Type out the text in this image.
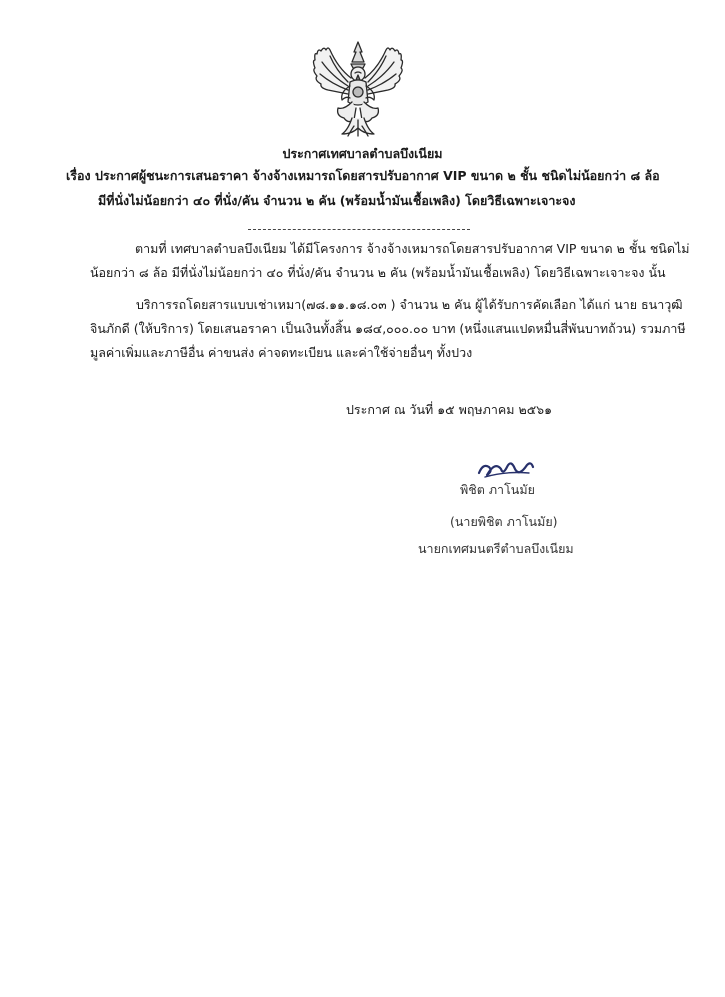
ประกาศเทศบาลตำบลบึงเนียม
เรื่อง ประกาศผู้ชนะการเสนอราคา จ้างจ้างเหมารถโดยสารปรับอากาศ VIP ขนาด ๒ ชั้น ชนิดไม่น้อยกว่า ๘ ล้อ
มีที่นั่งไม่น้อยกว่า ๔๐ ที่นั่ง/คัน จำนวน ๒ คัน (พร้อมน้ำมันเชื้อเพลิง) โดยวิธีเฉพาะเจาะจง
ตามที่ เทศบาลตำบลบึงเนียม ได้มีโครงการ จ้างจ้างเหมารถโดยสารปรับอากาศ VIP ขนาด ๒ ชั้น ชนิดไม่
น้อยกว่า ๘ ล้อ มีที่นั่งไม่น้อยกว่า ๔๐ ที่นั่ง/คัน จำนวน ๒ คัน (พร้อมน้ำมันเชื้อเพลิง) โดยวิธีเฉพาะเจาะจง นั้น
บริการรถโดยสารแบบเช่าเหมา(๗๘.๑๑.๑๘.๐๓ ) จำนวน ๒ คัน ผู้ได้รับการคัดเลือก ได้แก่ นาย ธนาวุฒิ
จินภักดี (ให้บริการ) โดยเสนอราคา เป็นเงินทั้งสิ้น ๑๘๔,๐๐๐.๐๐ บาท (หนึ่งแสนแปดหมื่นสี่พันบาทถ้วน) รวมภาษี
มูลค่าเพิ่มและภาษีอื่น ค่าขนส่ง ค่าจดทะเบียน และค่าใช้จ่ายอื่นๆ ทั้งปวง
ประกาศ ณ วันที่ ๑๕ พฤษภาคม ๒๕๖๑
พิชิต ภาโนมัย
(นายพิชิต ภาโนมัย)
นายกเทศมนตรีตำบลบึงเนียม
